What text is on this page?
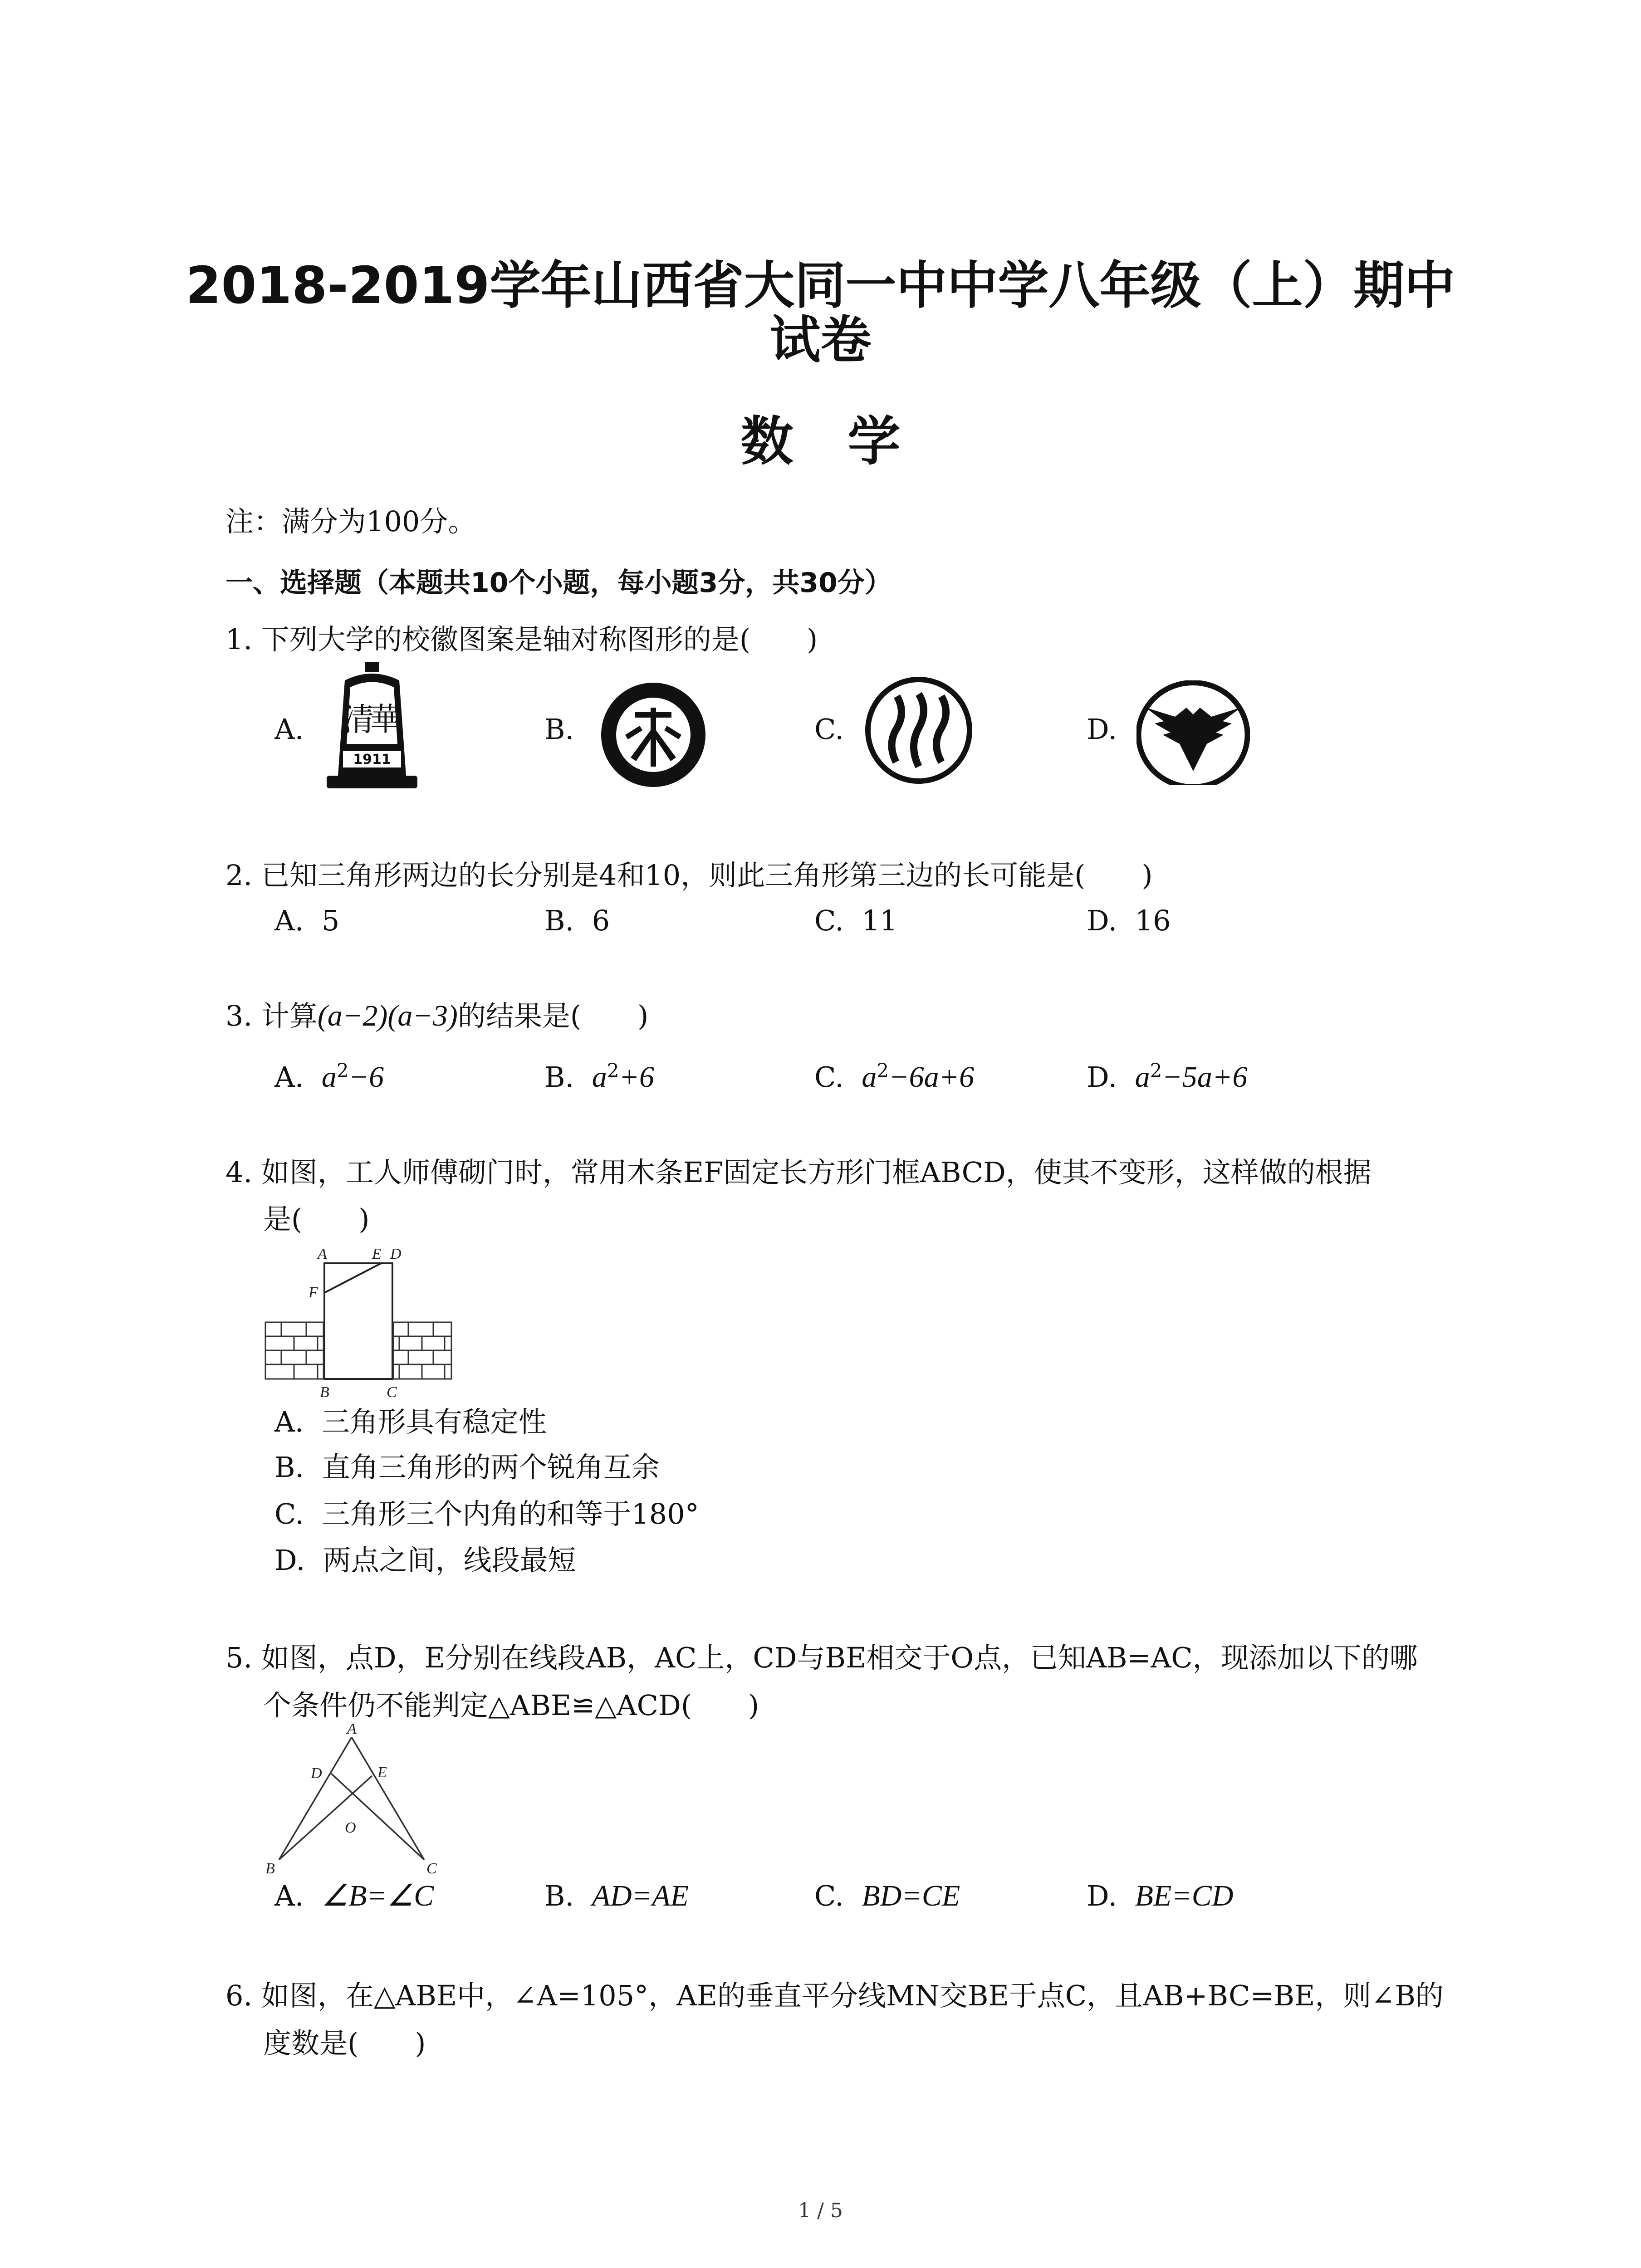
2018-2019学年山西省大同一中中学八年级（上）期中
试卷
数学
注：满分为100分。
一、选择题（本题共10个小题，每小题3分，共30分）
1. 下列大学的校徽图案是轴对称图形的是(　　)
A.
1911
清
華	B.	C.	D.
2. 已知三角形两边的长分别是4和10，则此三角形第三边的长可能是(　　)
A. 5	B. 6	C. 11	D. 16
3. 计算(a−2)(a−3)的结果是(　　)
A. $a^2-6$	B. $a^2+6$	C. $a^2-6a+6$	D. $a^2-5a+6$
4. 如图，工人师傅砌门时，常用木条EF固定长方形门框ABCD，使其不变形，这样做的根据
是(　　)
A	E D
F
B	C
A. 三角形具有稳定性
B. 直角三角形的两个锐角互余
C. 三角形三个内角的和等于180°
D. 两点之间，线段最短
5. 如图，点D，E分别在线段AB，AC上，CD与BE相交于O点，已知AB=AC，现添加以下的哪
个条件仍不能判定△ABE≌△ACD(　　)
A
D	E
O
B	C
A. ∠B=∠C	B. AD=AE	C. BD=CE	D. BE=CD
6. 如图，在△ABE中，∠A=105°，AE的垂直平分线MN交BE于点C，且AB+BC=BE，则∠B的
度数是(　　)
1 / 5
